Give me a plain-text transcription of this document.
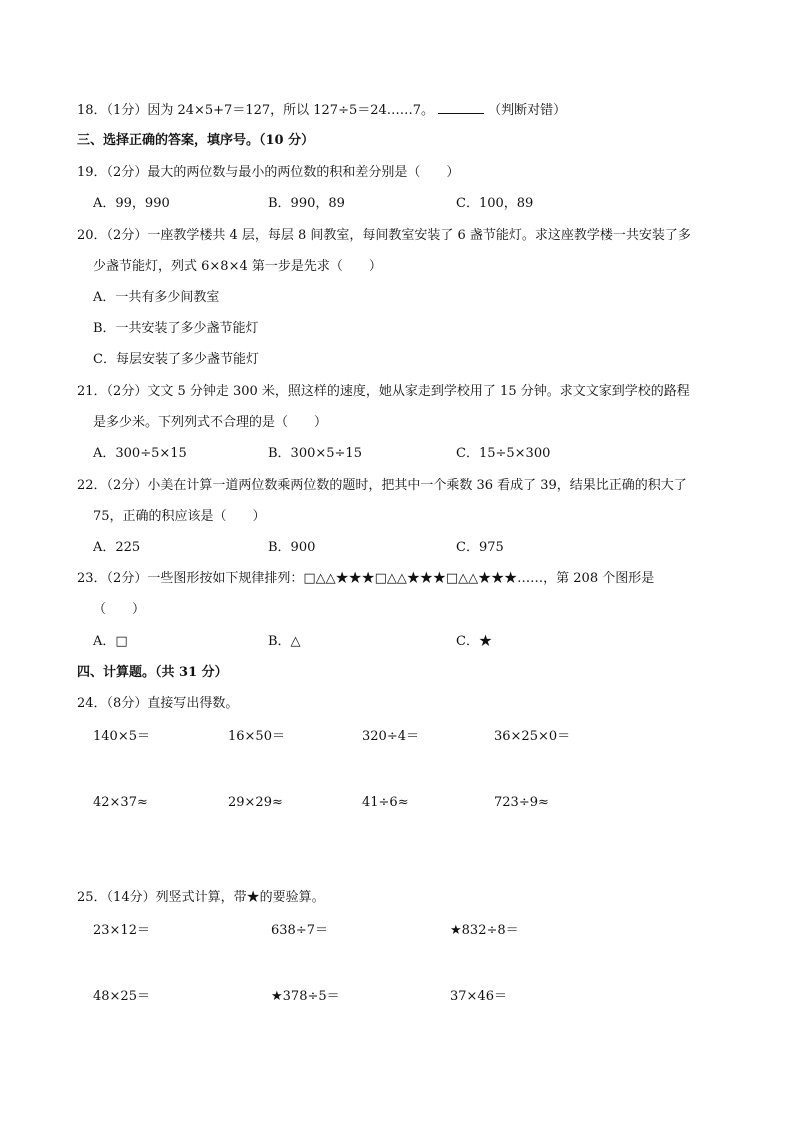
18．（1分）因为 24×5+7＝127，所以 127÷5＝24……7。	（判断对错）
三、选择正确的答案，填序号。（10 分）
19．（2分）最大的两位数与最小的两位数的积和差分别是（　　）
A．99，990	B．990，89	C．100，89
20．（2分）一座教学楼共 4 层，每层 8 间教室，每间教室安装了 6 盏节能灯。求这座教学楼一共安装了多
少盏节能灯，列式 6×8×4 第一步是先求（　　）
A．一共有多少间教室
B．一共安装了多少盏节能灯
C．每层安装了多少盏节能灯
21．（2分）文文 5 分钟走 300 米，照这样的速度，她从家走到学校用了 15 分钟。求文文家到学校的路程
是多少米。下列列式不合理的是（　　）
A．300÷5×15	B．300×5÷15	C．15÷5×300
22．（2分）小美在计算一道两位数乘两位数的题时，把其中一个乘数 36 看成了 39，结果比正确的积大了
75，正确的积应该是（　　）
A．225	B．900	C．975
23．（2分）一些图形按如下规律排列：□△△★★★□△△★★★□△△★★★……，第 208 个图形是
（　　）
A．□	B．△	C．★
四、计算题。（共 31 分）
24．（8分）直接写出得数。
140×5＝	16×50＝	320÷4＝	36×25×0＝
42×37≈	29×29≈	41÷6≈	723÷9≈
25．（14分）列竖式计算，带★的要验算。
23×12＝	638÷7＝	★832÷8＝
48×25＝	★378÷5＝	37×46＝
